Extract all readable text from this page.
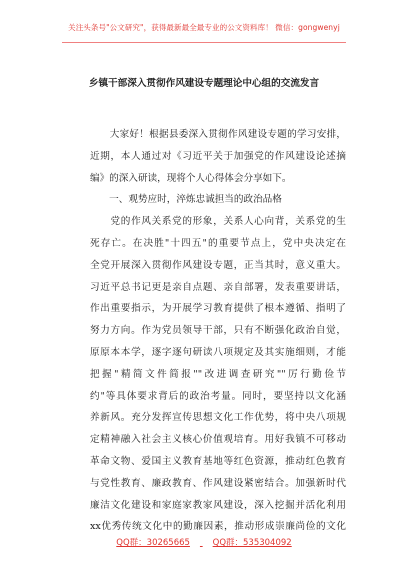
关注头条号"公文研究"，获得最新最全最专业的公文资料库！ 微信：gongwenyj
乡镇干部深入贯彻作风建设专题理论中心组的交流发言
　　大家好！根据县委深入贯彻作风建设专题的学习安排，
近期，本人通过对《习近平关于加强党的作风建设论述摘
编》的深入研读，现将个人心得体会分享如下。
　　一、观势应时，淬炼忠诚担当的政治品格
　　党的作风关系党的形象，关系人心向背，关系党的生
死存亡。在决胜"十四五"的重要节点上，党中央决定在
全党开展深入贯彻作风建设专题，正当其时，意义重大。
习近平总书记更是亲自点题、亲自部署，发表重要讲话，
作出重要指示，为开展学习教育提供了根本遵循、指明了
努力方向。作为党员领导干部，只有不断强化政治自觉，
原原本本学，逐字逐句研读八项规定及其实施细则，才能
把握"精简文件简报""改进调查研究""厉行勤俭节
约"等具体要求背后的政治考量。同时，要坚持以文化涵
养新风。充分发挥宣传思想文化工作优势，将中央八项规
定精神融入社会主义核心价值观培育。用好我镇不可移动
革命文物、爱国主义教育基地等红色资源，推动红色教育
与党性教育、廉政教育、作风建设紧密结合。加强新时代
廉洁文化建设和家庭家教家风建设，深入挖掘并活化利用
xx优秀传统文化中的勤廉因素，推动形成崇廉尚俭的文化
QQ群：30265665	QQ群：535304092
